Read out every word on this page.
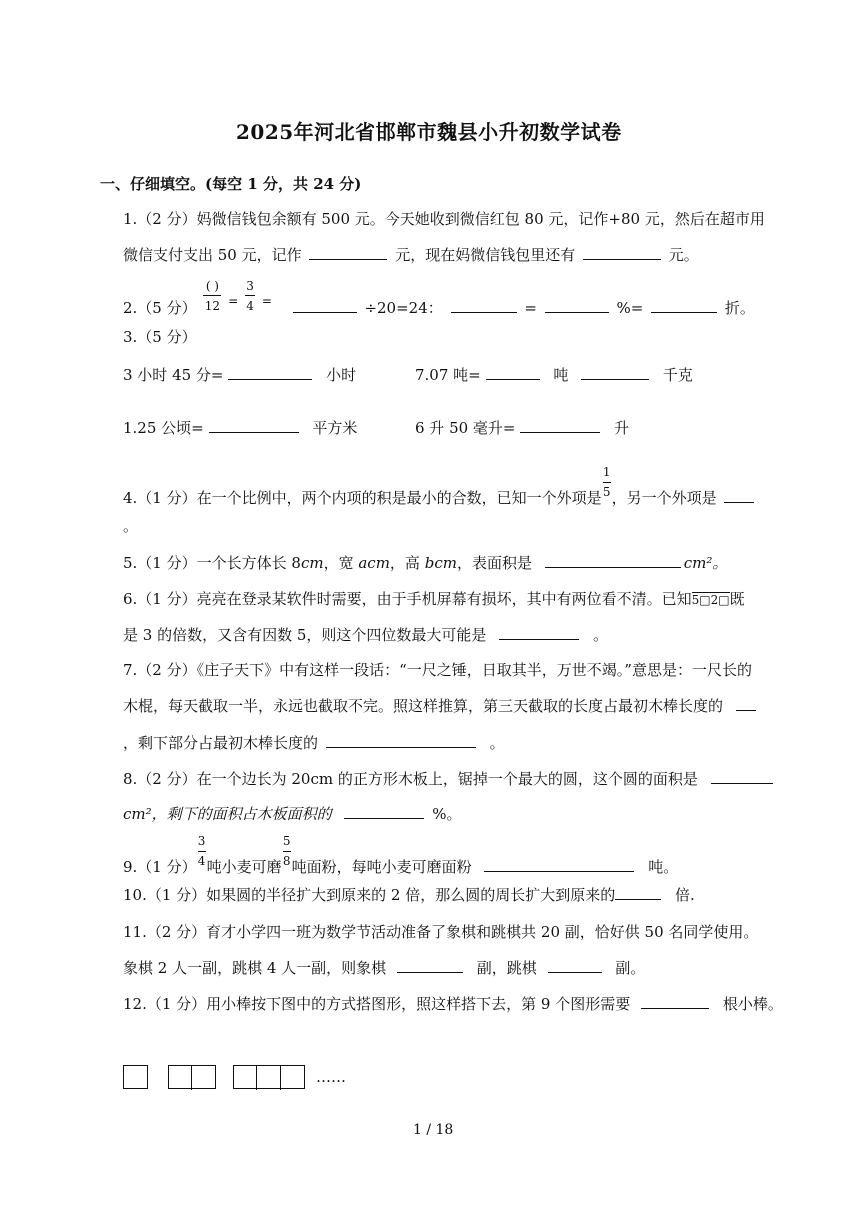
2025年河北省邯郸市魏县小升初数学试卷
一、仔细填空。(每空 1 分，共 24 分)
1.（2 分）妈微信钱包余额有 500 元。今天她收到微信红包 80 元，记作+80 元，然后在超市用
微信支付支出 50 元，记作	元，现在妈微信钱包里还有	元。
2.（5 分） $\frac{( )}{12} ^= \frac{3}{4} ^=$	÷20=24：	=	%=	折。
3.（5 分）
3 小时 45 分=	小时	7.07 吨=	吨	千克
1.25 公顷=	平方米	6 升 50 毫升=	升
4.（1 分）在一个比例中，两个内项的积是最小的合数，已知一个外项是 $\frac{1}{5}$ ，另一个外项是
。
5.（1 分）一个长方体长 8cm，宽 acm，高 bcm，表面积是	cm²。
6.（1 分）亮亮在登录某软件时需要，由于手机屏幕有损坏，其中有两位看不清。已知5□2□既
是 3 的倍数，又含有因数 5，则这个四位数最大可能是	。
7.（2 分）《庄子天下》中有这样一段话：“一尺之锤，日取其半，万世不竭。”意思是：一尺长的
木棍，每天截取一半，永远也截取不完。照这样推算，第三天截取的长度占最初木棒长度的
，剩下部分占最初木棒长度的	。
8.（2 分）在一个边长为 20cm 的正方形木板上，锯掉一个最大的圆，这个圆的面积是
cm²，剩下的面积占木板面积的	%。
9.（1 分） $\frac{3}{4}$ 吨小麦可磨 $\frac{5}{8}$ 吨面粉，每吨小麦可磨面粉	吨。
10.（1 分）如果圆的半径扩大到原来的 2 倍，那么圆的周长扩大到原来的	倍.
11.（2 分）育才小学四一班为数学节活动准备了象棋和跳棋共 20 副，恰好供 50 名同学使用。
象棋 2 人一副，跳棋 4 人一副，则象棋	副，跳棋	副。
12.（1 分）用小棒按下图中的方式搭图形，照这样搭下去，第 9 个图形需要	根小棒。
……
1 / 18
